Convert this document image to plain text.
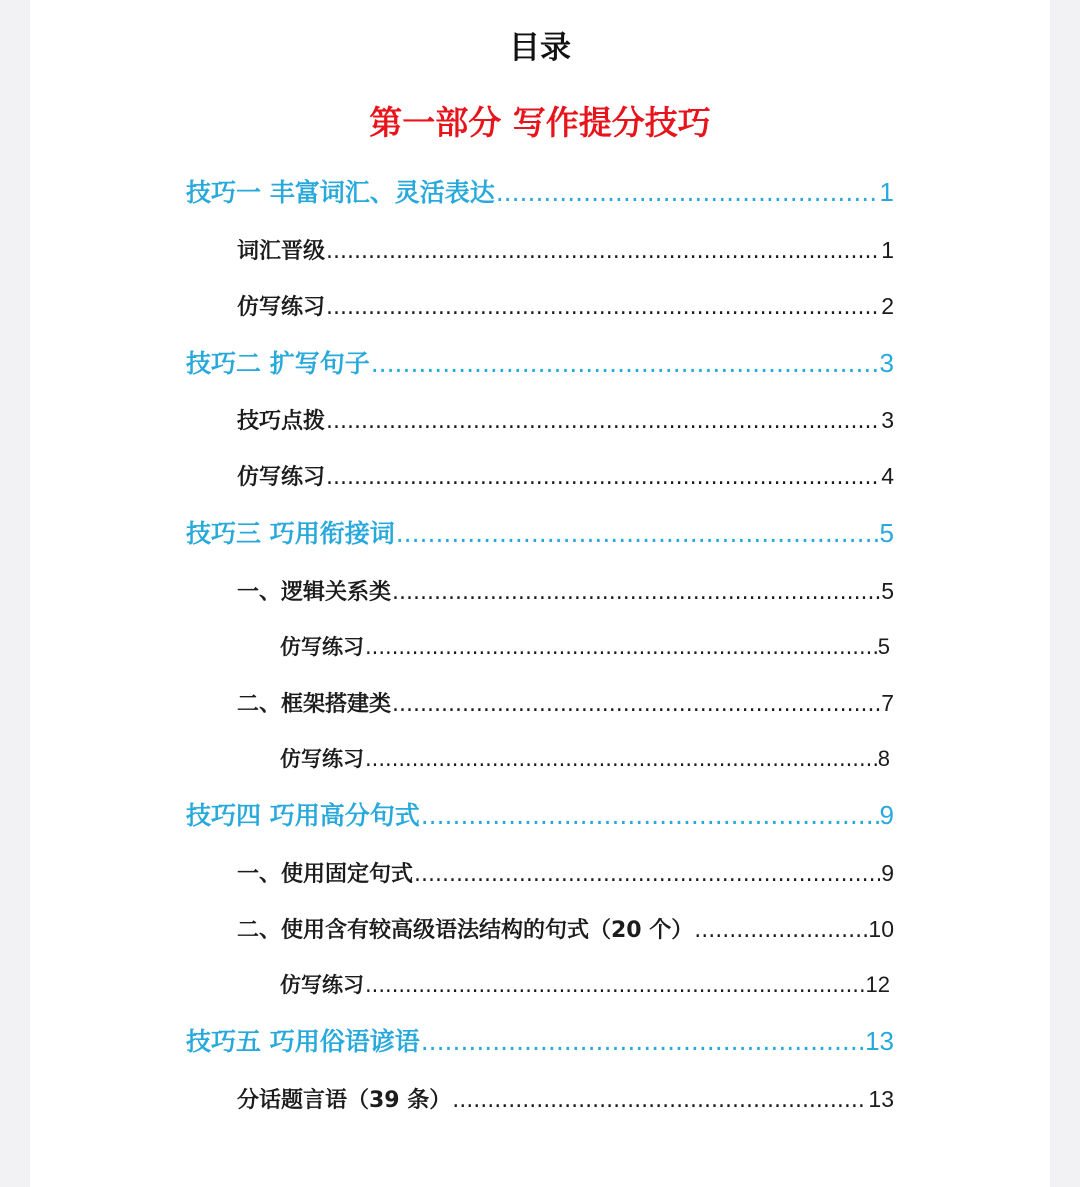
目录
第一部分 写作提分技巧
技巧一 丰富词汇、灵活表达 .....	1
词汇晋级 .....	1
仿写练习 .....	2
技巧二 扩写句子 .....	3
技巧点拨 .....	3
仿写练习 .....	4
技巧三 巧用衔接词 .....	5
一、逻辑关系类 .....	5
仿写练习 .....	5
二、框架搭建类 .....	7
仿写练习 .....	8
技巧四 巧用高分句式 .....	9
一、使用固定句式 .....	9
二、使用含有较高级语法结构的句式（20 个） .....	10
仿写练习 .....	12
技巧五 巧用俗语谚语 .....	13
分话题言语（39 条） .....	13
